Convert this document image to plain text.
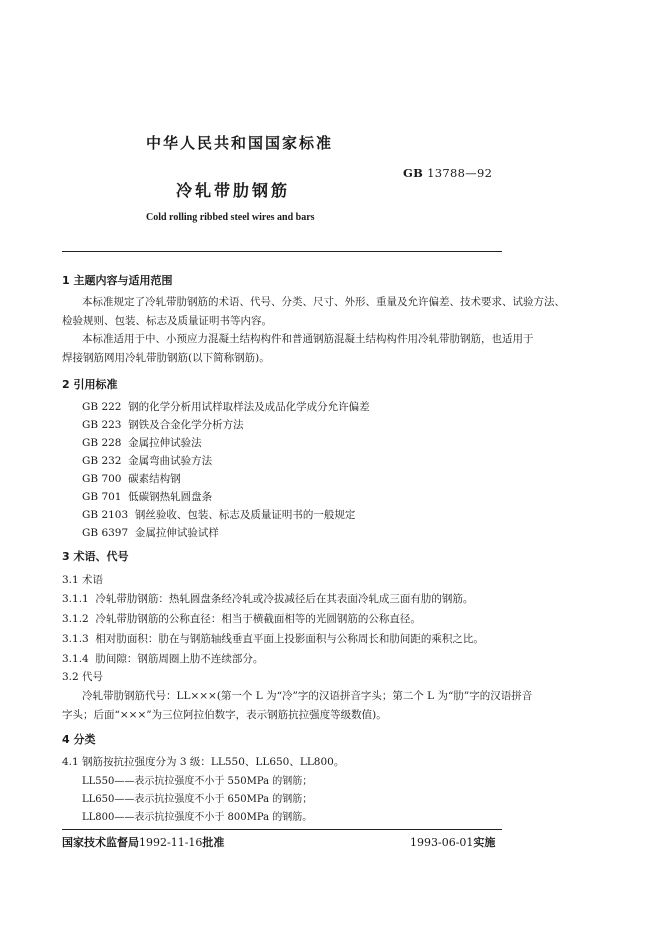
中华人民共和国国家标准
GB 13788—92
冷轧带肋钢筋
Cold rolling ribbed steel wires and bars
1 主题内容与适用范围
本标准规定了冷轧带肋钢筋的术语、代号、分类、尺寸、外形、重量及允许偏差、技术要求、试验方法、
检验规则、包装、标志及质量证明书等内容。
本标准适用于中、小预应力混凝土结构构件和普通钢筋混凝土结构构件用冷轧带肋钢筋，也适用于
焊接钢筋网用冷轧带肋钢筋(以下简称钢筋)。
2 引用标准
GB 222 钢的化学分析用试样取样法及成品化学成分允许偏差
GB 223 钢铁及合金化学分析方法
GB 228 金属拉伸试验法
GB 232 金属弯曲试验方法
GB 700 碳素结构钢
GB 701 低碳钢热轧圆盘条
GB 2103 钢丝验收、包装、标志及质量证明书的一般规定
GB 6397 金属拉伸试验试样
3 术语、代号
3.1 术语
3.1.1 冷轧带肋钢筋：热轧圆盘条经冷轧或冷拔减径后在其表面冷轧成三面有肋的钢筋。
3.1.2 冷轧带肋钢筋的公称直径：相当于横截面相等的光圆钢筋的公称直径。
3.1.3 相对肋面积：肋在与钢筋轴线垂直平面上投影面积与公称周长和肋间距的乘积之比。
3.1.4 肋间隙：钢筋周圈上肋不连续部分。
3.2 代号
冷轧带肋钢筋代号：LL×××(第一个 L 为“冷”字的汉语拼音字头；第二个 L 为“肋”字的汉语拼音
字头；后面“×××”为三位阿拉伯数字，表示钢筋抗拉强度等级数值)。
4 分类
4.1 钢筋按抗拉强度分为 3 级：LL550、LL650、LL800。
LL550——表示抗拉强度不小于 550MPa 的钢筋；
LL650——表示抗拉强度不小于 650MPa 的钢筋；
LL800——表示抗拉强度不小于 800MPa 的钢筋。
国家技术监督局1992-11-16批准	1993-06-01实施
